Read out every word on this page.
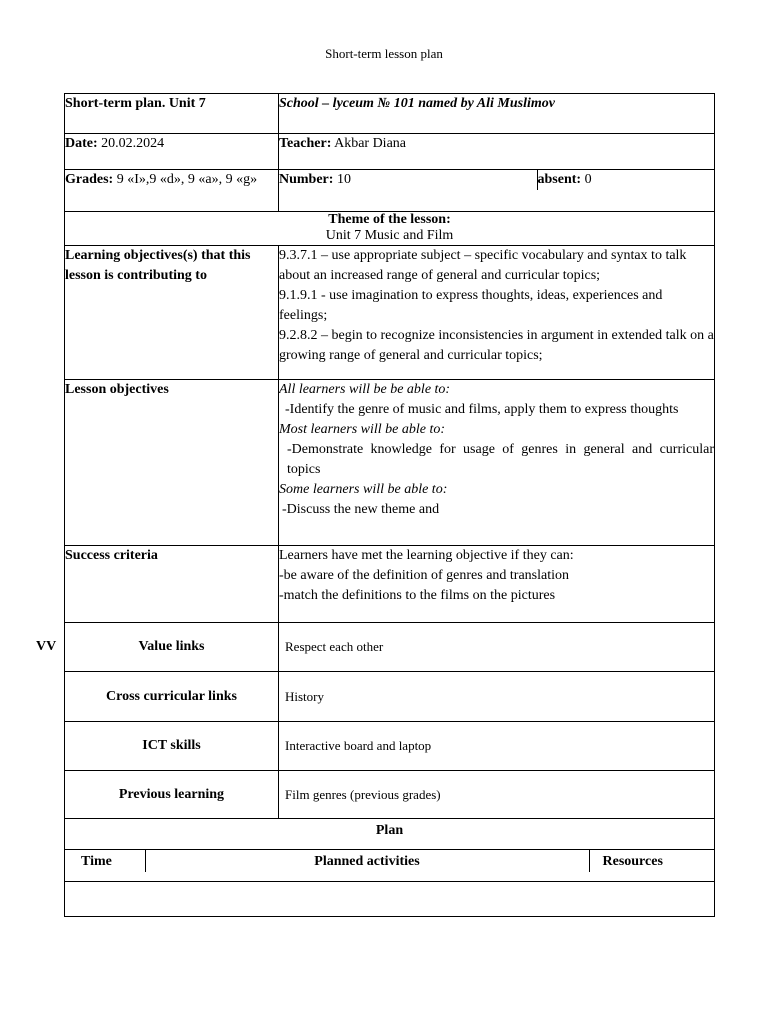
Short-term lesson plan
VV
Short-term plan. Unit 7	School – lyceum № 101 named by Ali Muslimov
Date: 20.02.2024	Teacher: Akbar Diana
Grades: 9 «I»,9 «d», 9 «a», 9 «g»	Number: 10	absent: 0

Theme of the lesson:
Unit 7 Music and Film

Learning objectives(s) that this lesson is contributing to	
9.3.7.1 – use appropriate subject – specific vocabulary and syntax to talk about an increased range of general and curricular topics;
9.1.9.1 - use imagination to express thoughts, ideas, experiences and feelings;
9.2.8.2 – begin to recognize inconsistencies in argument in extended talk on a growing range of general and curricular topics;

Lesson objectives	All learners will be be able to:
-Identify the genre of music and films, apply them to express thoughts
Most learners will be able to:
-Demonstrate knowledge for usage of genres in general and curricular topics
Some learners will be able to:
-Discuss the new theme and

Success criteria	Learners have met the learning objective if they can:
-be aware of the definition of genres and translation
-match the definitions to the films on the pictures

Value links	Respect each other
Cross curricular links	History
ICT skills	Interactive board and laptop
Previous learning	Film genres (previous grades)
Plan

Time	Planned activities	Resources
